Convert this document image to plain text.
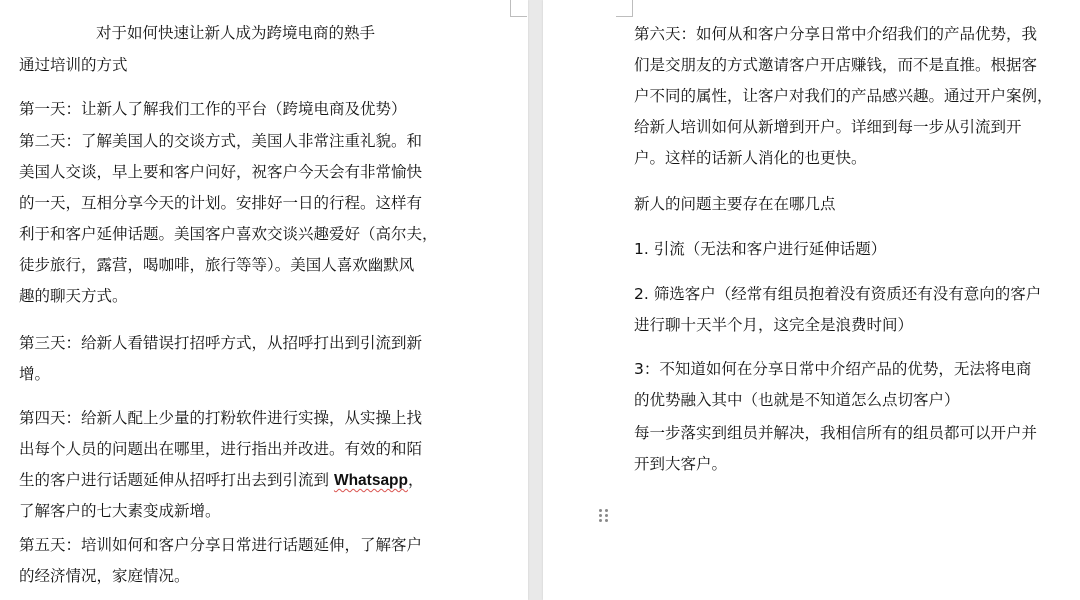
对于如何快速让新人成为跨境电商的熟手
通过培训的方式
第一天：让新人了解我们工作的平台（跨境电商及优势）
第二天：了解美国人的交谈方式，美国人非常注重礼貌。和
美国人交谈，早上要和客户问好，祝客户今天会有非常愉快
的一天，互相分享今天的计划。安排好一日的行程。这样有
利于和客户延伸话题。美国客户喜欢交谈兴趣爱好（高尔夫，
徒步旅行，露营，喝咖啡，旅行等等）。美国人喜欢幽默风
趣的聊天方式。
第三天：给新人看错误打招呼方式，从招呼打出到引流到新
增。
第四天：给新人配上少量的打粉软件进行实操，从实操上找
出每个人员的问题出在哪里，进行指出并改进。有效的和陌
生的客户进行话题延伸从招呼打出去到引流到 Whatsapp，
了解客户的七大素变成新增。
第五天：培训如何和客户分享日常进行话题延伸，了解客户
的经济情况，家庭情况。
第六天：如何从和客户分享日常中介绍我们的产品优势，我
们是交朋友的方式邀请客户开店赚钱，而不是直推。根据客
户不同的属性，让客户对我们的产品感兴趣。通过开户案例，
给新人培训如何从新增到开户。详细到每一步从引流到开
户。这样的话新人消化的也更快。
新人的问题主要存在在哪几点
1. 引流（无法和客户进行延伸话题）
2. 筛选客户（经常有组员抱着没有资质还有没有意向的客户
进行聊十天半个月，这完全是浪费时间）
3：不知道如何在分享日常中介绍产品的优势，无法将电商
的优势融入其中（也就是不知道怎么点切客户）
每一步落实到组员并解决，我相信所有的组员都可以开户并
开到大客户。
